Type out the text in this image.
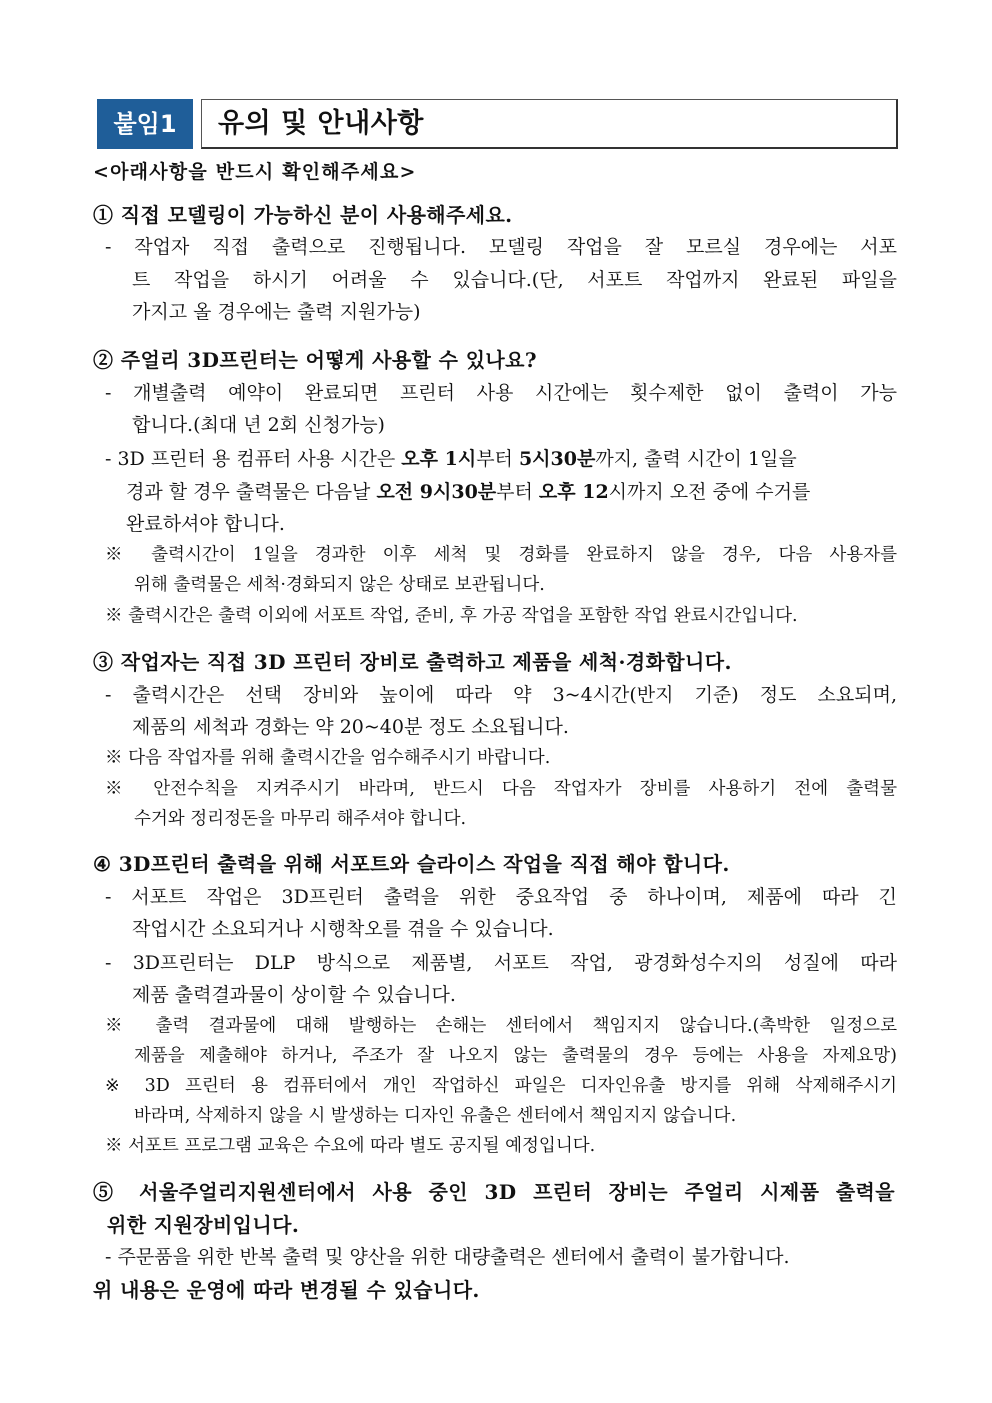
붙임1	유의 및 안내사항
<아래사항을 반드시 확인해주세요>
① 직접 모델링이 가능하신 분이 사용해주세요.
- 작업자 직접 출력으로 진행됩니다. 모델링 작업을 잘 모르실 경우에는 서포
트 작업을 하시기 어려울 수 있습니다.(단, 서포트 작업까지 완료된 파일을
가지고 올 경우에는 출력 지원가능)
② 주얼리 3D프린터는 어떻게 사용할 수 있나요?
- 개별출력 예약이 완료되면 프린터 사용 시간에는 횟수제한 없이 출력이 가능
합니다.(최대 년 2회 신청가능)
- 3D 프린터 용 컴퓨터 사용 시간은 오후 1시부터 5시30분까지, 출력 시간이 1일을
경과 할 경우 출력물은 다음날 오전 9시30분부터 오후 12시까지 오전 중에 수거를
완료하셔야 합니다.
※ 출력시간이 1일을 경과한 이후 세척 및 경화를 완료하지 않을 경우, 다음 사용자를
위해 출력물은 세척·경화되지 않은 상태로 보관됩니다.
※ 출력시간은 출력 이외에 서포트 작업, 준비, 후 가공 작업을 포함한 작업 완료시간입니다.
③ 작업자는 직접 3D 프린터 장비로 출력하고 제품을 세척·경화합니다.
- 출력시간은 선택 장비와 높이에 따라 약 3~4시간(반지 기준) 정도 소요되며,
제품의 세척과 경화는 약 20~40분 정도 소요됩니다.
※ 다음 작업자를 위해 출력시간을 엄수해주시기 바랍니다.
※ 안전수칙을 지켜주시기 바라며, 반드시 다음 작업자가 장비를 사용하기 전에 출력물
수거와 정리정돈을 마무리 해주셔야 합니다.
④ 3D프린터 출력을 위해 서포트와 슬라이스 작업을 직접 해야 합니다.
- 서포트 작업은 3D프린터 출력을 위한 중요작업 중 하나이며, 제품에 따라 긴
작업시간 소요되거나 시행착오를 겪을 수 있습니다.
- 3D프린터는 DLP 방식으로 제품별, 서포트 작업, 광경화성수지의 성질에 따라
제품 출력결과물이 상이할 수 있습니다.
※ 출력 결과물에 대해 발행하는 손해는 센터에서 책임지지 않습니다.(촉박한 일정으로
제품을 제출해야 하거나, 주조가 잘 나오지 않는 출력물의 경우 등에는 사용을 자제요망)
※ 3D 프린터 용 컴퓨터에서 개인 작업하신 파일은 디자인유출 방지를 위해 삭제해주시기
바라며, 삭제하지 않을 시 발생하는 디자인 유출은 센터에서 책임지지 않습니다.
※ 서포트 프로그램 교육은 수요에 따라 별도 공지될 예정입니다.
⑤ 서울주얼리지원센터에서 사용 중인 3D 프린터 장비는 주얼리 시제품 출력을
위한 지원장비입니다.
- 주문품을 위한 반복 출력 및 양산을 위한 대량출력은 센터에서 출력이 불가합니다.
위 내용은 운영에 따라 변경될 수 있습니다.
